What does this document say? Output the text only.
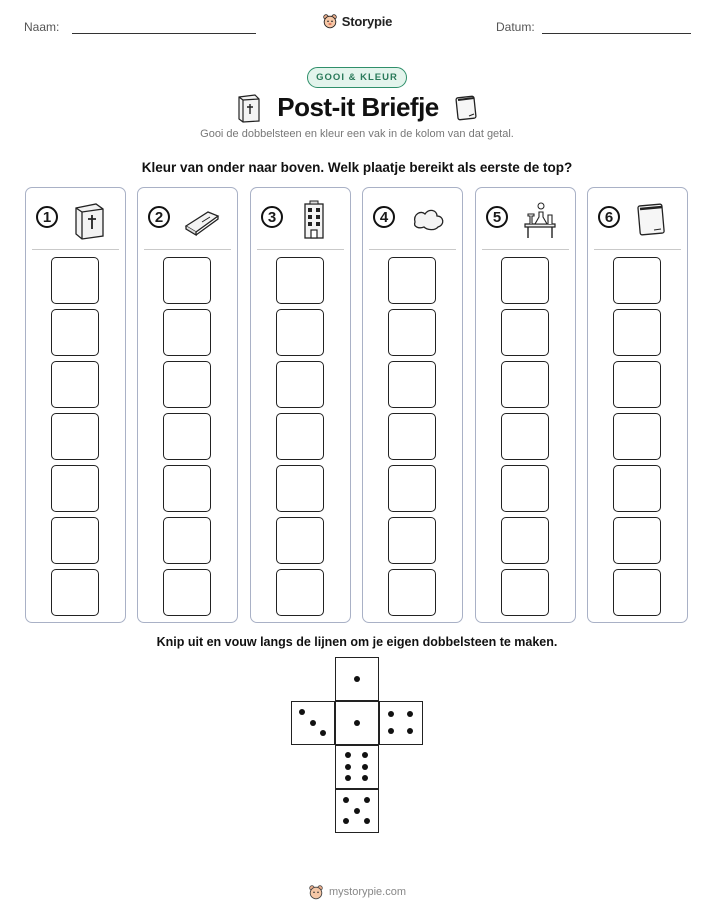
Naam:	Storypie	Datum:
GOOI & KLEUR
Post-it Briefje
Gooi de dobbelsteen en kleur een vak in de kolom van dat getal.
Kleur van onder naar boven. Welk plaatje bereikt als eerste de top?
1	2	3	4	5	6
Knip uit en vouw langs de lijnen om je eigen dobbelsteen te maken.
mystorypie.com
